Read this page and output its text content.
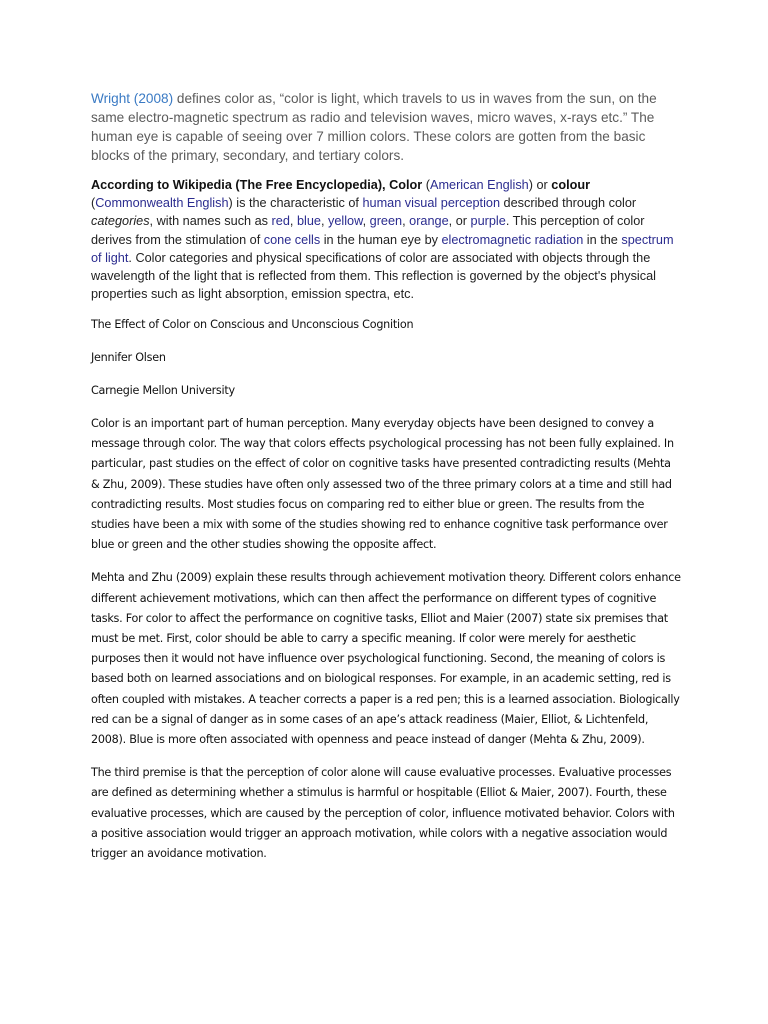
Wright (2008) defines color as, “color is light, which travels to us in waves from the sun, on the same electro-magnetic spectrum as radio and television waves, micro waves, x-rays etc.” The human eye is capable of seeing over 7 million colors. These colors are gotten from the basic blocks of the primary, secondary, and tertiary colors.

According to Wikipedia (The Free Encyclopedia), Color (American English) or colour (Commonwealth English) is the characteristic of human visual perception described through color categories, with names such as red, blue, yellow, green, orange, or purple. This perception of color derives from the stimulation of cone cells in the human eye by electromagnetic radiation in the spectrum of light. Color categories and physical specifications of color are associated with objects through the wavelength of the light that is reflected from them. This reflection is governed by the object's physical properties such as light absorption, emission spectra, etc.

The Effect of Color on Conscious and Unconscious Cognition

Jennifer Olsen

Carnegie Mellon University

Color is an important part of human perception. Many everyday objects have been designed to convey a message through color. The way that colors effects psychological processing has not been fully explained. In particular, past studies on the effect of color on cognitive tasks have presented contradicting results (Mehta & Zhu, 2009). These studies have often only assessed two of the three primary colors at a time and still had contradicting results. Most studies focus on comparing red to either blue or green. The results from the studies have been a mix with some of the studies showing red to enhance cognitive task performance over blue or green and the other studies showing the opposite affect.

Mehta and Zhu (2009) explain these results through achievement motivation theory. Different colors enhance different achievement motivations, which can then affect the performance on different types of cognitive tasks. For color to affect the performance on cognitive tasks, Elliot and Maier (2007) state six premises that must be met. First, color should be able to carry a specific meaning. If color were merely for aesthetic purposes then it would not have influence over psychological functioning. Second, the meaning of colors is based both on learned associations and on biological responses. For example, in an academic setting, red is often coupled with mistakes. A teacher corrects a paper is a red pen; this is a learned association. Biologically red can be a signal of danger as in some cases of an ape’s attack readiness (Maier, Elliot, & Lichtenfeld, 2008). Blue is more often associated with openness and peace instead of danger (Mehta & Zhu, 2009).

The third premise is that the perception of color alone will cause evaluative processes. Evaluative processes are defined as determining whether a stimulus is harmful or hospitable (Elliot & Maier, 2007). Fourth, these evaluative processes, which are caused by the perception of color, influence motivated behavior. Colors with a positive association would trigger an approach motivation, while colors with a negative association would trigger an avoidance motivation.
